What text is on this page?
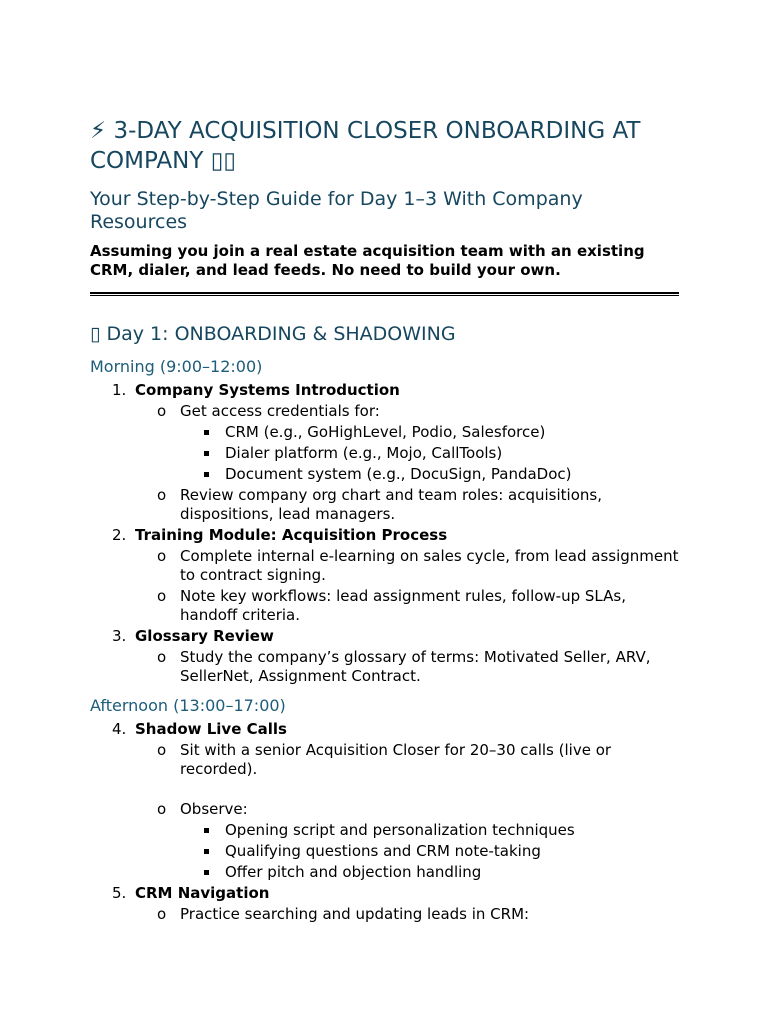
⚡ 3-DAY ACQUISITION CLOSER ONBOARDING AT COMPANY ▯▯
Your Step-by-Step Guide for Day 1–3 With Company Resources

Assuming you join a real estate acquisition team with an existing CRM, dialer, and lead feeds. No need to build your own.

▯ Day 1: ONBOARDING & SHADOWING
Morning (9:00–12:00)
1. Company Systems Introduction
o Get access credentials for:
CRM (e.g., GoHighLevel, Podio, Salesforce)
Dialer platform (e.g., Mojo, CallTools)
Document system (e.g., DocuSign, PandaDoc)
o Review company org chart and team roles: acquisitions, dispositions, lead managers.
2. Training Module: Acquisition Process
o Complete internal e-learning on sales cycle, from lead assignment to contract signing.
o Note key workflows: lead assignment rules, follow-up SLAs, handoff criteria.
3. Glossary Review
o Study the company’s glossary of terms: Motivated Seller, ARV, SellerNet, Assignment Contract.
Afternoon (13:00–17:00)
4. Shadow Live Calls
o Sit with a senior Acquisition Closer for 20–30 calls (live or recorded).
o Observe:
Opening script and personalization techniques
Qualifying questions and CRM note-taking
Offer pitch and objection handling
5. CRM Navigation
o Practice searching and updating leads in CRM:
